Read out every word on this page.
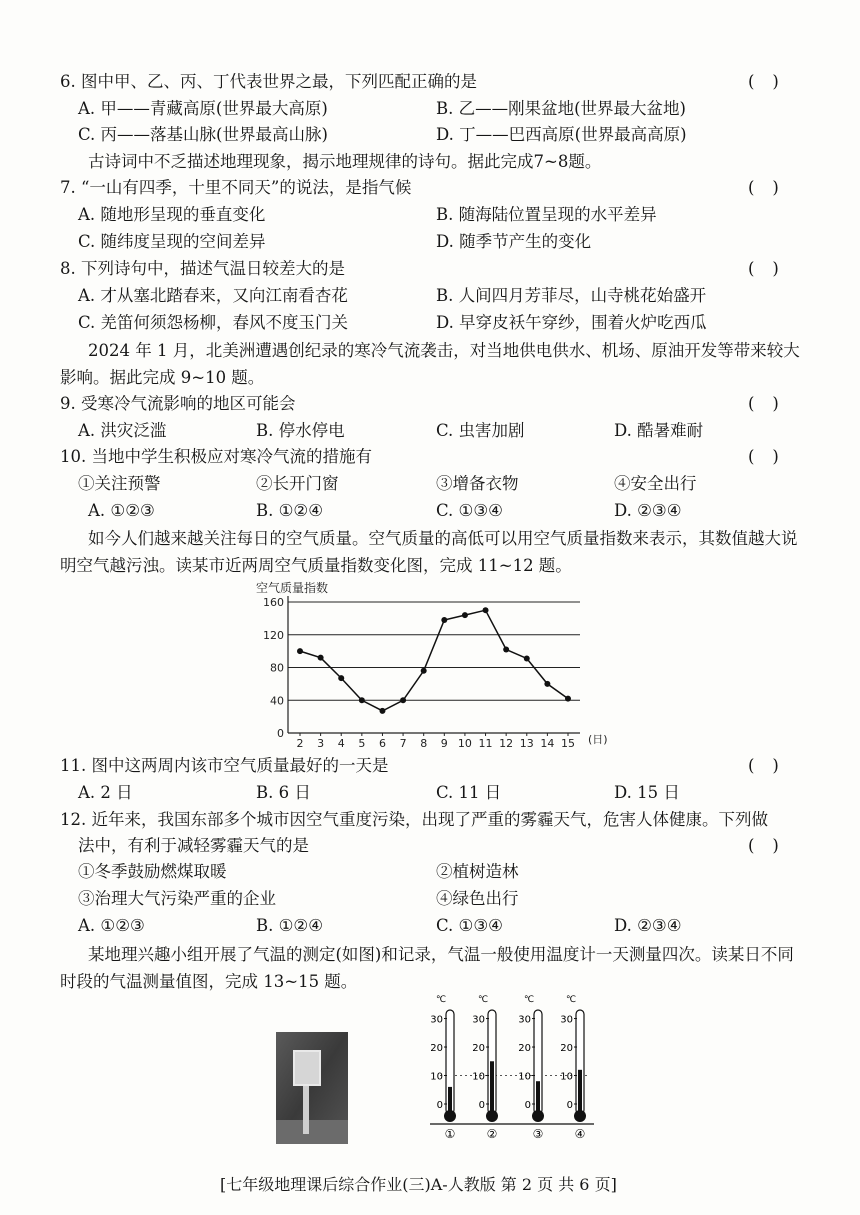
6. 图中甲、乙、丙、丁代表世界之最，下列匹配正确的是	()
A. 甲——青藏高原(世界最大高原)	B. 乙——刚果盆地(世界最大盆地)
C. 丙——落基山脉(世界最高山脉)	D. 丁——巴西高原(世界最高高原)
古诗词中不乏描述地理现象，揭示地理规律的诗句。据此完成7~8题。
7. “一山有四季，十里不同天”的说法，是指气候	()
A. 随地形呈现的垂直变化	B. 随海陆位置呈现的水平差异
C. 随纬度呈现的空间差异	D. 随季节产生的变化
8. 下列诗句中，描述气温日较差大的是	()
A. 才从塞北踏春来，又向江南看杏花	B. 人间四月芳菲尽，山寺桃花始盛开
C. 羌笛何须怨杨柳，春风不度玉门关	D. 早穿皮袄午穿纱，围着火炉吃西瓜
2024 年 1 月，北美洲遭遇创纪录的寒冷气流袭击，对当地供电供水、机场、原油开发等带来较大影响。据此完成 9~10 题。
9. 受寒冷气流影响的地区可能会	()
A. 洪灾泛滥	B. 停水停电	C. 虫害加剧	D. 酷暑难耐
10. 当地中学生积极应对寒冷气流的措施有	()
①关注预警	②长开门窗	③增备衣物	④安全出行
A. ①②③	B. ①②④	C. ①③④	D. ②③④
如今人们越来越关注每日的空气质量。空气质量的高低可以用空气质量指数来表示，其数值越大说明空气越污浊。读某市近两周空气质量指数变化图，完成 11~12 题。
空气质量指数
0
40
80
120
160
2 3 4 5 6 7 8 9 10 11 12 13 14 15 (日)
11. 图中这两周内该市空气质量最好的一天是	()
A. 2 日	B. 6 日	C. 11 日	D. 15 日
12. 近年来，我国东部多个城市因空气重度污染，出现了严重的雾霾天气，危害人体健康。下列做
法中，有利于减轻雾霾天气的是	()
①冬季鼓励燃煤取暖	②植树造林
③治理大气污染严重的企业	④绿色出行
A. ①②③	B. ①②④	C. ①③④	D. ②③④
某地理兴趣小组开展了气温的测定(如图)和记录，气温一般使用温度计一天测量四次。读某日不同时段的气温测量值图，完成 13~15 题。
℃
30
20
10
0
①
℃
30
20
10
0
②
℃
30
20
10
0
③
℃
30
20
10
0
④
[七年级地理课后综合作业(三)A-人教版 第 2 页 共 6 页]
